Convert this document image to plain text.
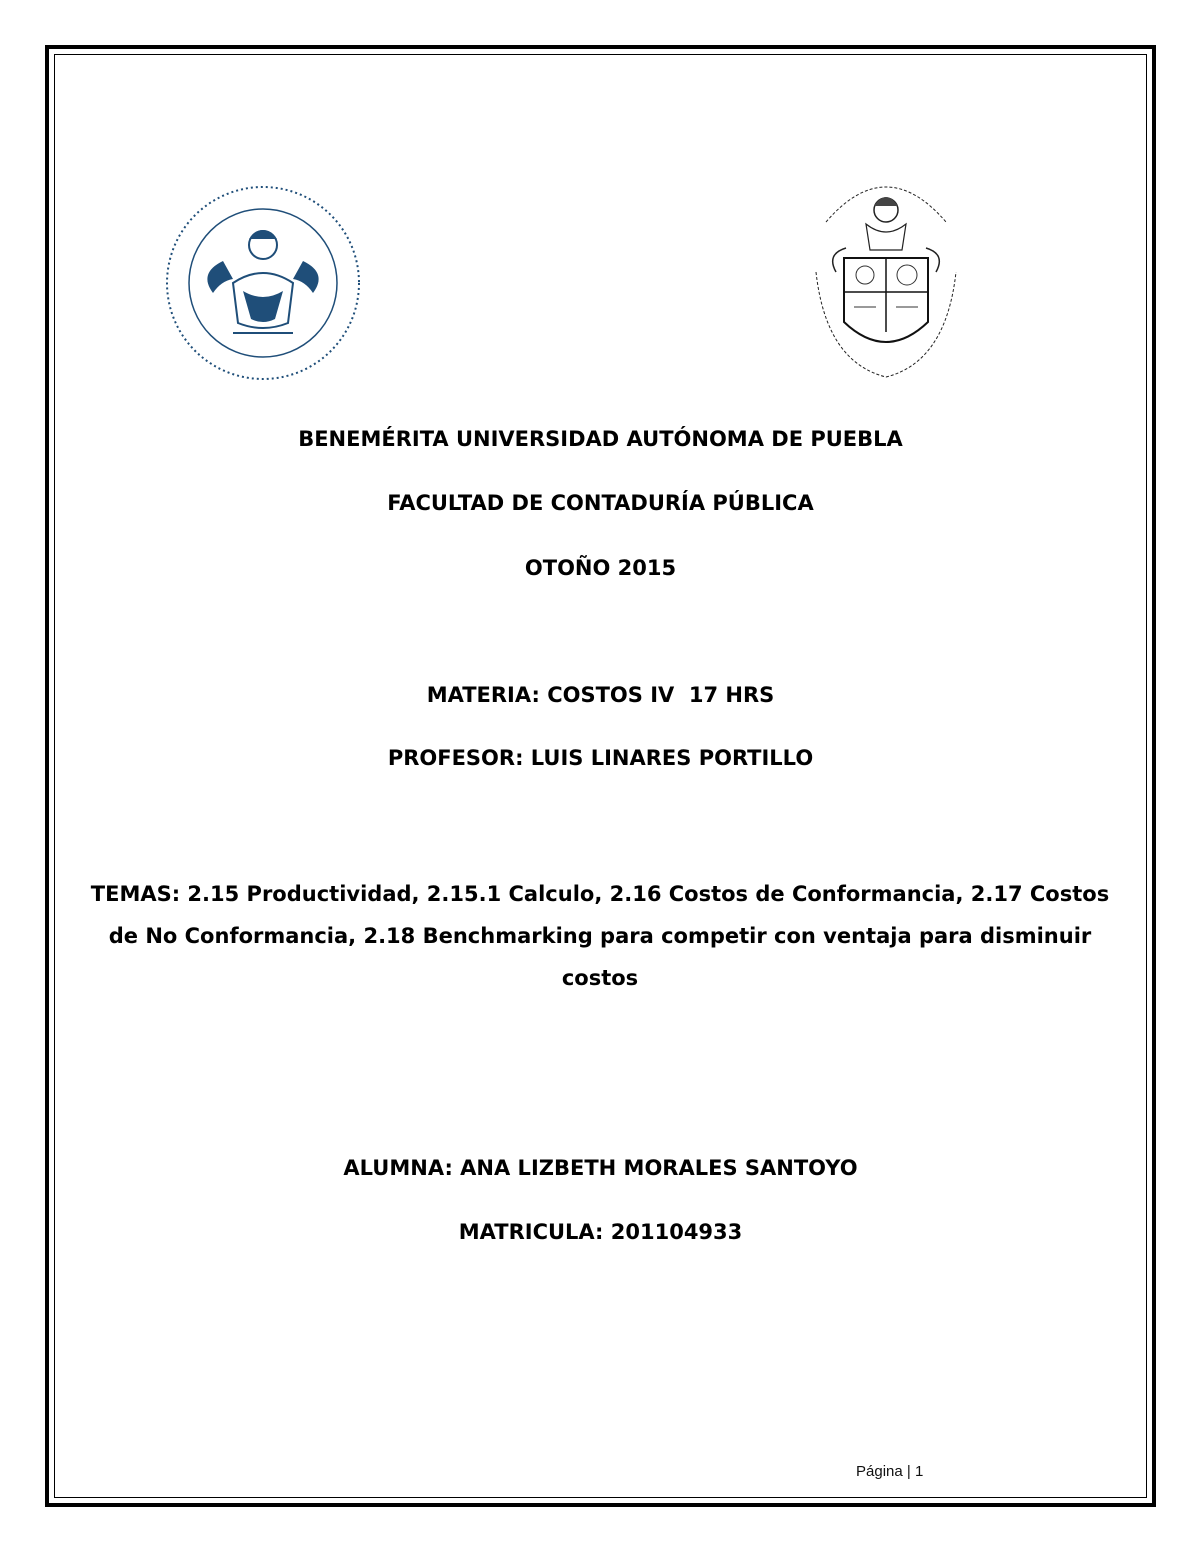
BENEMÉRITA UNIVERSIDAD AUTÓNOMA DE PUEBLA
FACULTAD DE CONTADURÍA PÚBLICA
OTOÑO 2015
MATERIA: COSTOS IV  17 HRS
PROFESOR: LUIS LINARES PORTILLO
TEMAS: 2.15 Productividad, 2.15.1 Calculo, 2.16 Costos de Conformancia, 2.17 Costos de No Conformancia, 2.18 Benchmarking para competir con ventaja para disminuir costos
ALUMNA: ANA LIZBETH MORALES SANTOYO
MATRICULA: 201104933
Página | 1
